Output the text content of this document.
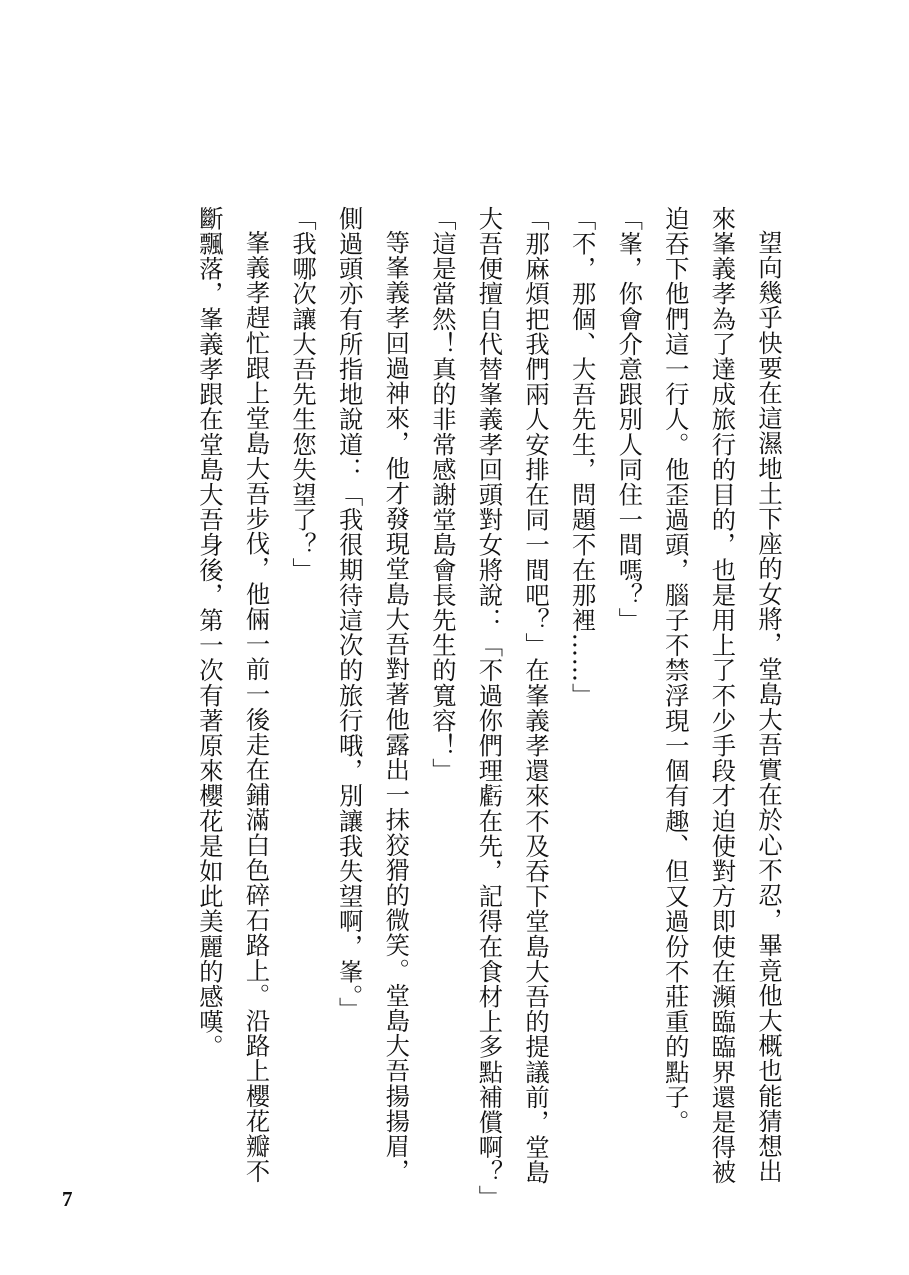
望向幾乎快要在這濕地土下座的女將，堂島大吾實在於心不忍，畢竟他大概也能猜想出來峯義孝為了達成旅行的目的，也是用上了不少手段才迫使對方即使在瀕臨臨界還是得被迫吞下他們這一行人。他歪過頭，腦子不禁浮現一個有趣、但又過份不莊重的點子。

「峯，你會介意跟別人同住一間嗎？」

「不，那個、大吾先生，問題不在那裡……」

「那麻煩把我們兩人安排在同一間吧？」在峯義孝還來不及吞下堂島大吾的提議前，堂島大吾便擅自代替峯義孝回頭對女將說：「不過你們理虧在先，記得在食材上多點補償啊？」

「這是當然！真的非常感謝堂島會長先生的寬容！」

等峯義孝回過神來，他才發現堂島大吾對著他露出一抹狡猾的微笑。堂島大吾揚揚眉，側過頭亦有所指地說道：「我很期待這次的旅行哦，別讓我失望啊，峯。」

「我哪次讓大吾先生您失望了？」

峯義孝趕忙跟上堂島大吾步伐，他倆一前一後走在鋪滿白色碎石路上。沿路上櫻花瓣不斷飄落，峯義孝跟在堂島大吾身後，第一次有著原來櫻花是如此美麗的感嘆。

7
